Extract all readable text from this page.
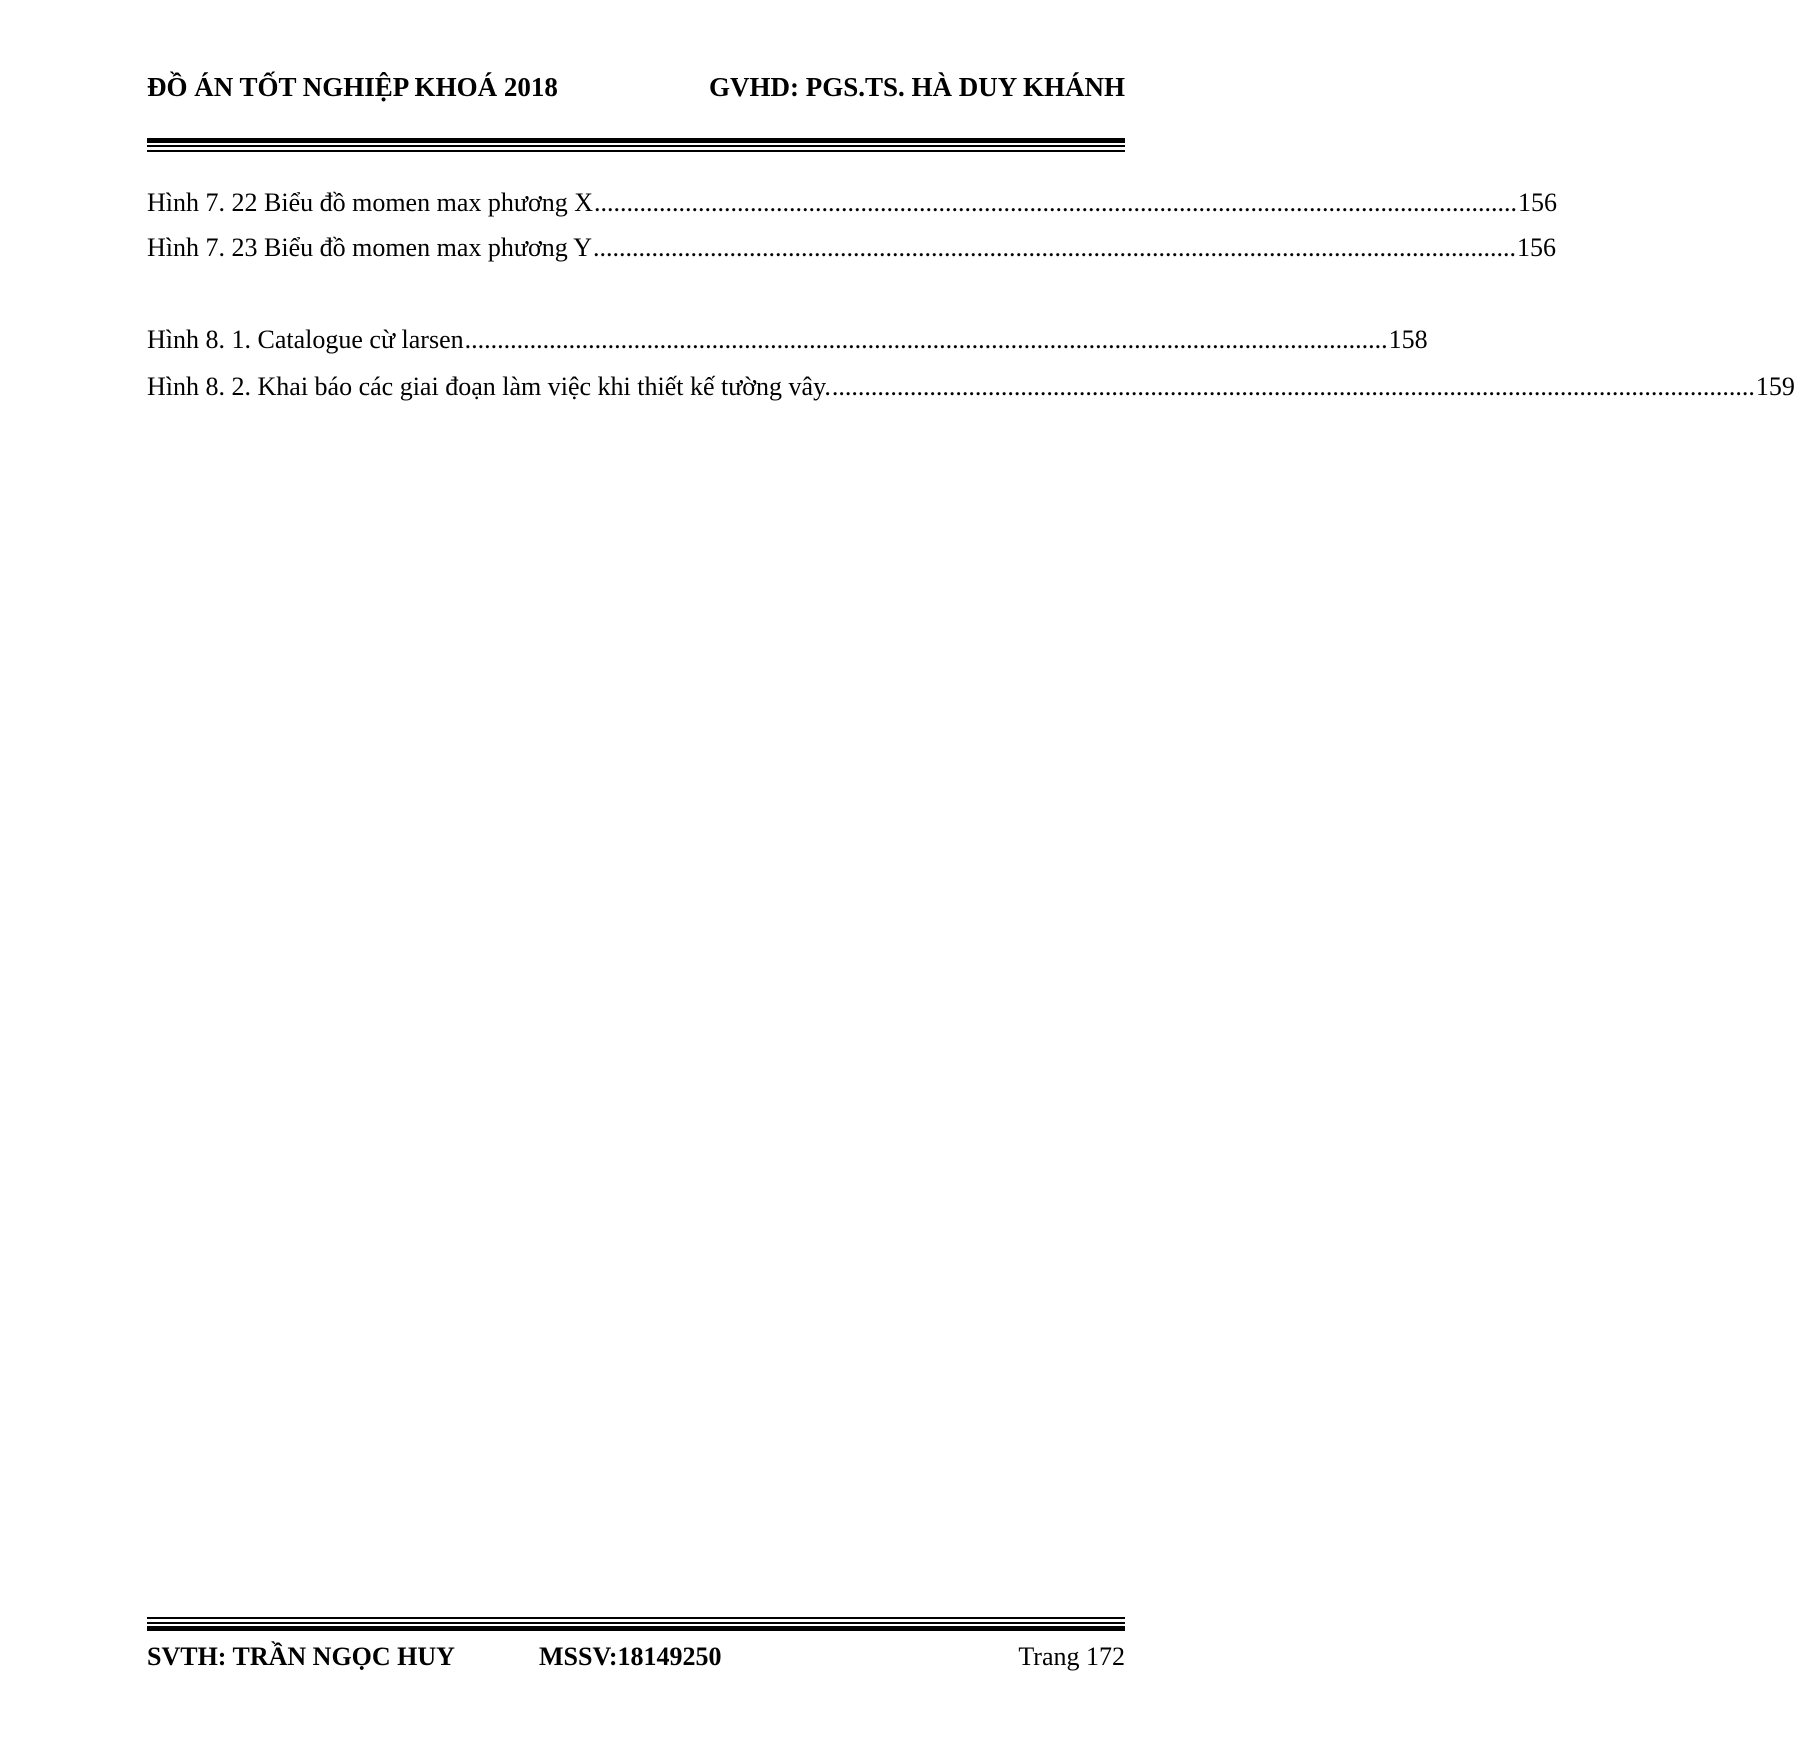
ĐỒ ÁN TỐT NGHIỆP KHOÁ 2018	GVHD: PGS.TS. HÀ DUY KHÁNH
Hình 7. 22 Biểu đồ momen max phương X .............................................................................................................................................. 156
Hình 7. 23 Biểu đồ momen max phương Y .............................................................................................................................................. 156
Hình 8. 1. Catalogue cừ larsen .............................................................................................................................................. 158
Hình 8. 2. Khai báo các giai đoạn làm việc khi thiết kế tường vây. .............................................................................................................................................. 159
SVTH: TRẦN NGỌC HUY	MSSV:18149250	Trang 172
